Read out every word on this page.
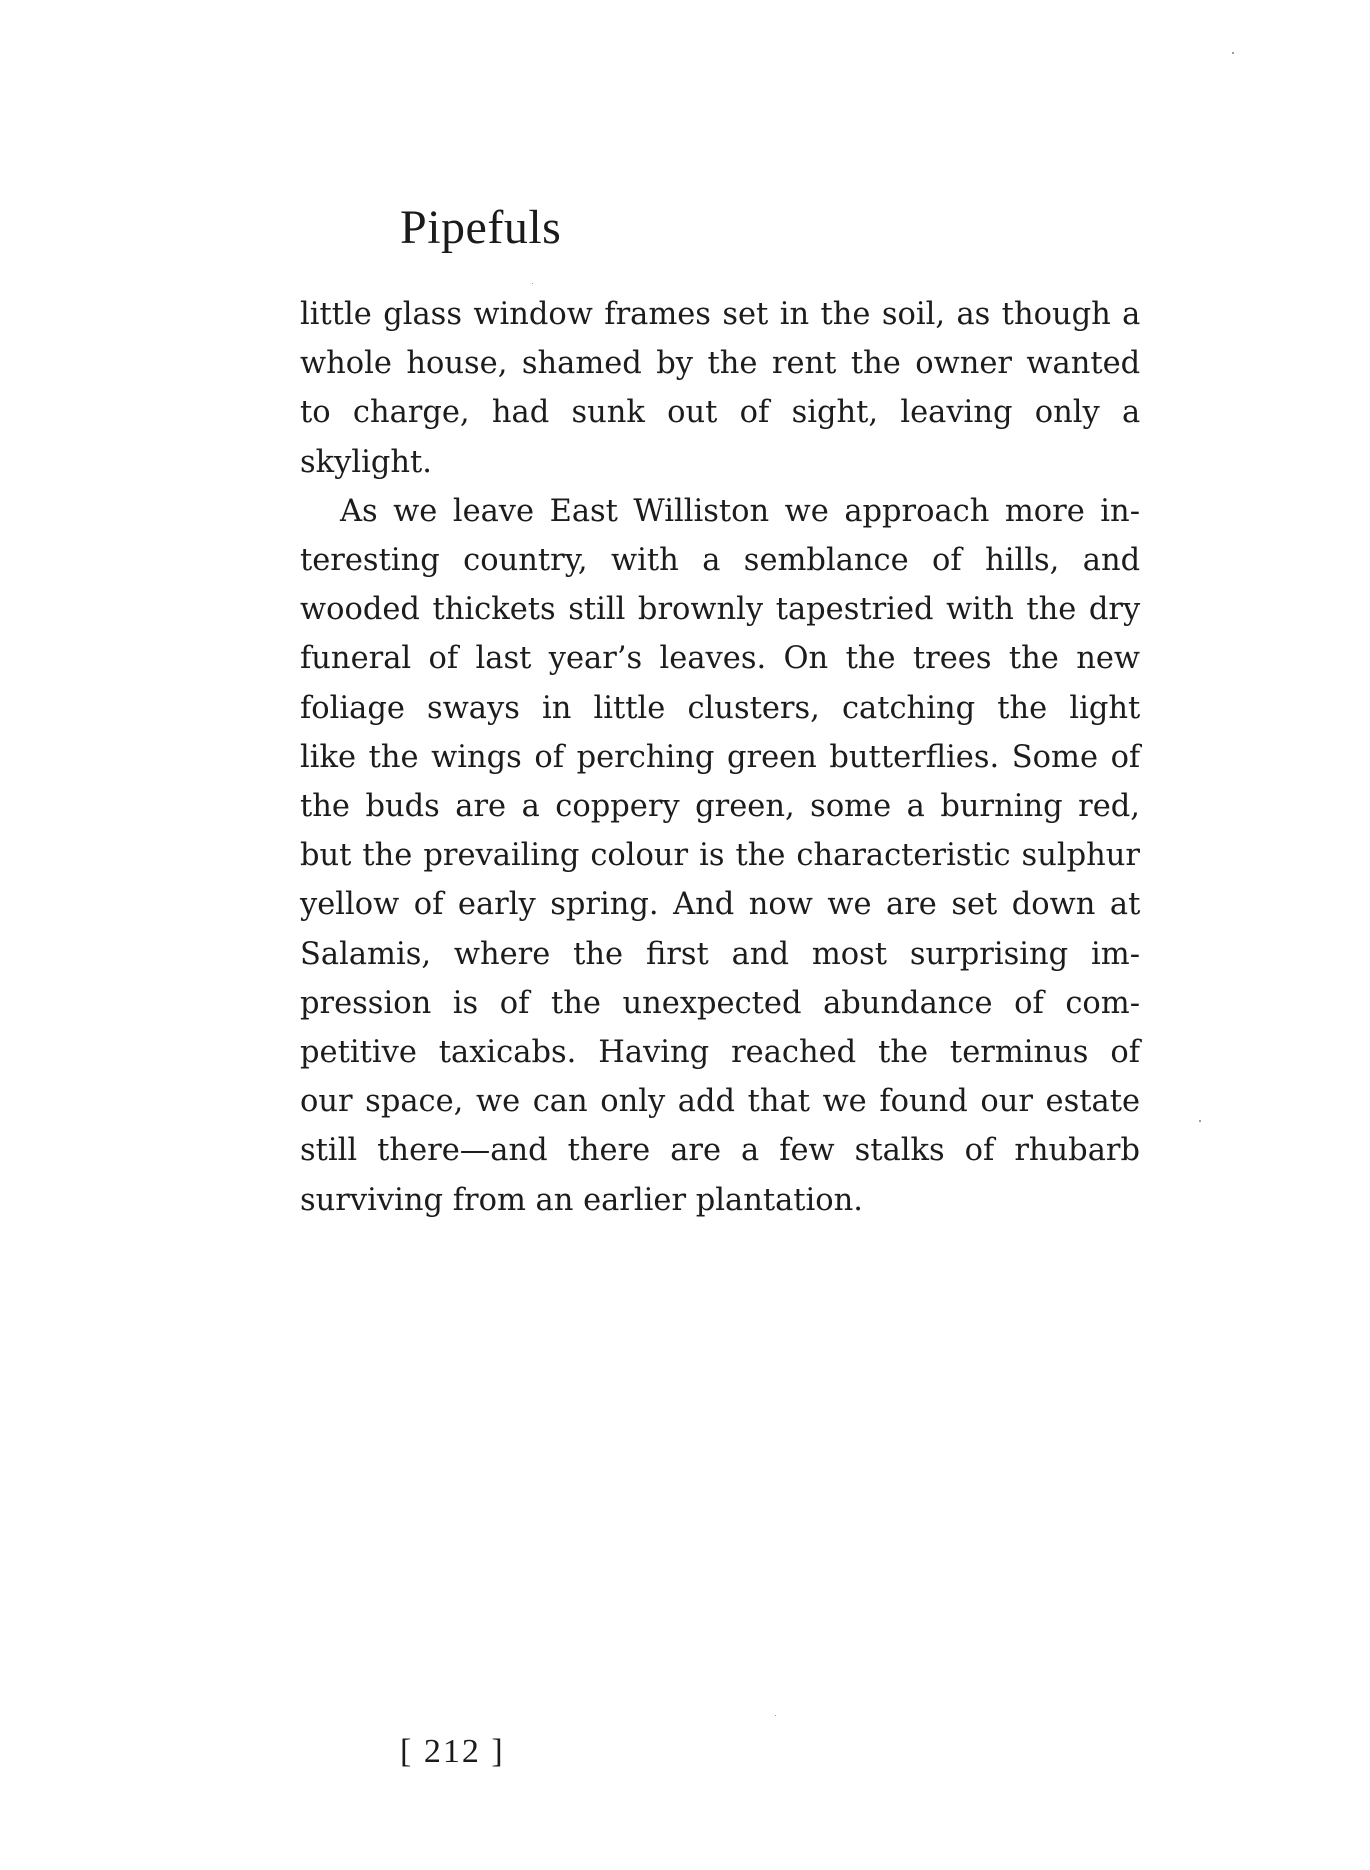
Pipefuls

little glass window frames set in the soil, as though a
whole house, shamed by the rent the owner wanted
to charge, had sunk out of sight, leaving only a
skylight.

As we leave East Williston we approach more in-
teresting country, with a semblance of hills, and
wooded thickets still brownly tapestried with the dry
funeral of last year’s leaves. On the trees the new
foliage sways in little clusters, catching the light
like the wings of perching green butterflies. Some of
the buds are a coppery green, some a burning red,
but the prevailing colour is the characteristic sulphur
yellow of early spring. And now we are set down at
Salamis, where the first and most surprising im-
pression is of the unexpected abundance of com-
petitive taxicabs. Having reached the terminus of
our space, we can only add that we found our estate
still there—and there are a few stalks of rhubarb
surviving from an earlier plantation.

[ 212 ]
